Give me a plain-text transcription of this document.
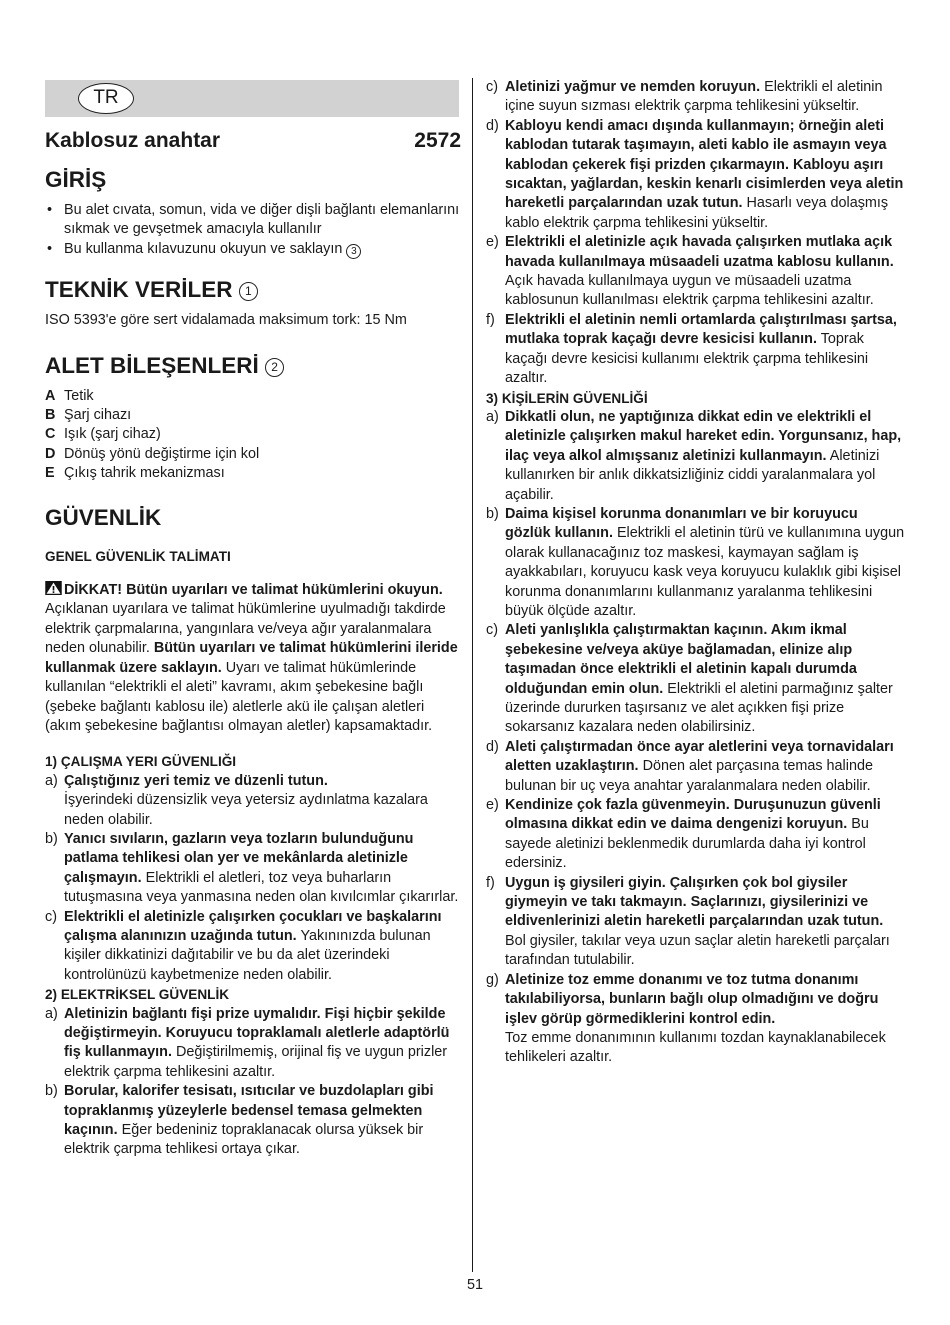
TR
Kablosuz anahtar	2572
GİRİŞ
• Bu alet cıvata, somun, vida ve diğer dişli bağlantı elemanlarını sıkmak ve gevşetmek amacıyla kullanılır
• Bu kullanma kılavuzunu okuyun ve saklayın 3
TEKNİK VERİLER 1
ISO 5393'e göre sert vidalamada maksimum tork: 15 Nm
ALET BİLEŞENLERİ 2
A Tetik
B Şarj cihazı
C Işık (şarj cihaz)
D Dönüş yönü değiştirme için kol
E Çıkış tahrik mekanizması
GÜVENLİK
GENEL GÜVENLİK TALİMATI
DİKKAT! Bütün uyarıları ve talimat hükümlerini okuyun. Açıklanan uyarılara ve talimat hükümlerine uyulmadığı takdirde elektrik çarpmalarına, yangınlara ve/veya ağır yaralanmalara neden olunabilir. Bütün uyarıları ve talimat hükümlerini ileride kullanmak üzere saklayın. Uyarı ve talimat hükümlerinde kullanılan “elektrikli el aleti” kavramı, akım şebekesine bağlı (şebeke bağlantı kablosu ile) aletlerle akü ile çalışan aletleri (akım şebekesine bağlantısı olmayan aletler) kapsamaktadır.
1) ÇALIŞMA YERI GÜVENLIĞI
a) Çalıştığınız yeri temiz ve düzenli tutun.
İşyerindeki düzensizlik veya yetersiz aydınlatma kazalara neden olabilir.
b) Yanıcı sıvıların, gazların veya tozların bulunduğunu patlama tehlikesi olan yer ve mekânlarda aletinizle çalışmayın. Elektrikli el aletleri, toz veya buharların tutuşmasına veya yanmasına neden olan kıvılcımlar çıkarırlar.
c) Elektrikli el aletinizle çalışırken çocukları ve başkalarını çalışma alanınızın uzağında tutun. Yakınınızda bulunan kişiler dikkatinizi dağıtabilir ve bu da alet üzerindeki kontrolünüzü kaybetmenize neden olabilir.
2) ELEKTRİKSEL GÜVENLİK
a) Aletinizin bağlantı fişi prize uymalıdır. Fişi hiçbir şekilde değiştirmeyin. Koruyucu topraklamalı aletlerle adaptörlü fiş kullanmayın. Değiştirilmemiş, orijinal fiş ve uygun prizler elektrik çarpma tehlikesini azaltır.
b) Borular, kalorifer tesisatı, ısıtıcılar ve buzdolapları gibi topraklanmış yüzeylerle bedensel temasa gelmekten kaçının. Eğer bedeniniz topraklanacak olursa yüksek bir elektrik çarpma tehlikesi ortaya çıkar.
c) Aletinizi yağmur ve nemden koruyun. Elektrikli el aletinin içine suyun sızması elektrik çarpma tehlikesini yükseltir.
d) Kabloyu kendi amacı dışında kullanmayın; örneğin aleti kablodan tutarak taşımayın, aleti kablo ile asmayın veya kablodan çekerek fişi prizden çıkarmayın. Kabloyu aşırı sıcaktan, yağlardan, keskin kenarlı cisimlerden veya aletin hareketli parçalarından uzak tutun. Hasarlı veya dolaşmış kablo elektrik çarpma tehlikesini yükseltir.
e) Elektrikli el aletinizle açık havada çalışırken mutlaka açık havada kullanılmaya müsaadeli uzatma kablosu kullanın. Açık havada kullanılmaya uygun ve müsaadeli uzatma kablosunun kullanılması elektrik çarpma tehlikesini azaltır.
f) Elektrikli el aletinin nemli ortamlarda çalıştırılması şartsa, mutlaka toprak kaçağı devre kesicisi kullanın. Toprak kaçağı devre kesicisi kullanımı elektrik çarpma tehlikesini azaltır.
3) KİŞİLERİN GÜVENLİĞİ
a) Dikkatli olun, ne yaptığınıza dikkat edin ve elektrikli el aletinizle çalışırken makul hareket edin. Yorgunsanız, hap, ilaç veya alkol almışsanız aletinizi kullanmayın. Aletinizi kullanırken bir anlık dikkatsizliğiniz ciddi yaralanmalara yol açabilir.
b) Daima kişisel korunma donanımları ve bir koruyucu gözlük kullanın. Elektrikli el aletinin türü ve kullanımına uygun olarak kullanacağınız toz maskesi, kaymayan sağlam iş ayakkabıları, koruyucu kask veya koruyucu kulaklık gibi kişisel korunma donanımlarını kullanmanız yaralanma tehlikesini büyük ölçüde azaltır.
c) Aleti yanlışlıkla çalıştırmaktan kaçının. Akım ikmal şebekesine ve/veya aküye bağlamadan, elinize alıp taşımadan önce elektrikli el aletinin kapalı durumda olduğundan emin olun. Elektrikli el aletini parmağınız şalter üzerinde dururken taşırsanız ve alet açıkken fişi prize sokarsanız kazalara neden olabilirsiniz.
d) Aleti çalıştırmadan önce ayar aletlerini veya tornavidaları aletten uzaklaştırın. Dönen alet parçasına temas halinde bulunan bir uç veya anahtar yaralanmalara neden olabilir.
e) Kendinize çok fazla güvenmeyin. Duruşunuzun güvenli olmasına dikkat edin ve daima dengenizi koruyun. Bu sayede aletinizi beklenmedik durumlarda daha iyi kontrol edersiniz.
f) Uygun iş giysileri giyin. Çalışırken çok bol giysiler giymeyin ve takı takmayın. Saçlarınızı, giysilerinizi ve eldivenlerinizi aletin hareketli parçalarından uzak tutun. Bol giysiler, takılar veya uzun saçlar aletin hareketli parçaları tarafından tutulabilir.
g) Aletinize toz emme donanımı ve toz tutma donanımı takılabiliyorsa, bunların bağlı olup olmadığını ve doğru işlev görüp görmediklerini kontrol edin.
Toz emme donanımının kullanımı tozdan kaynaklanabilecek tehlikeleri azaltır.
51
